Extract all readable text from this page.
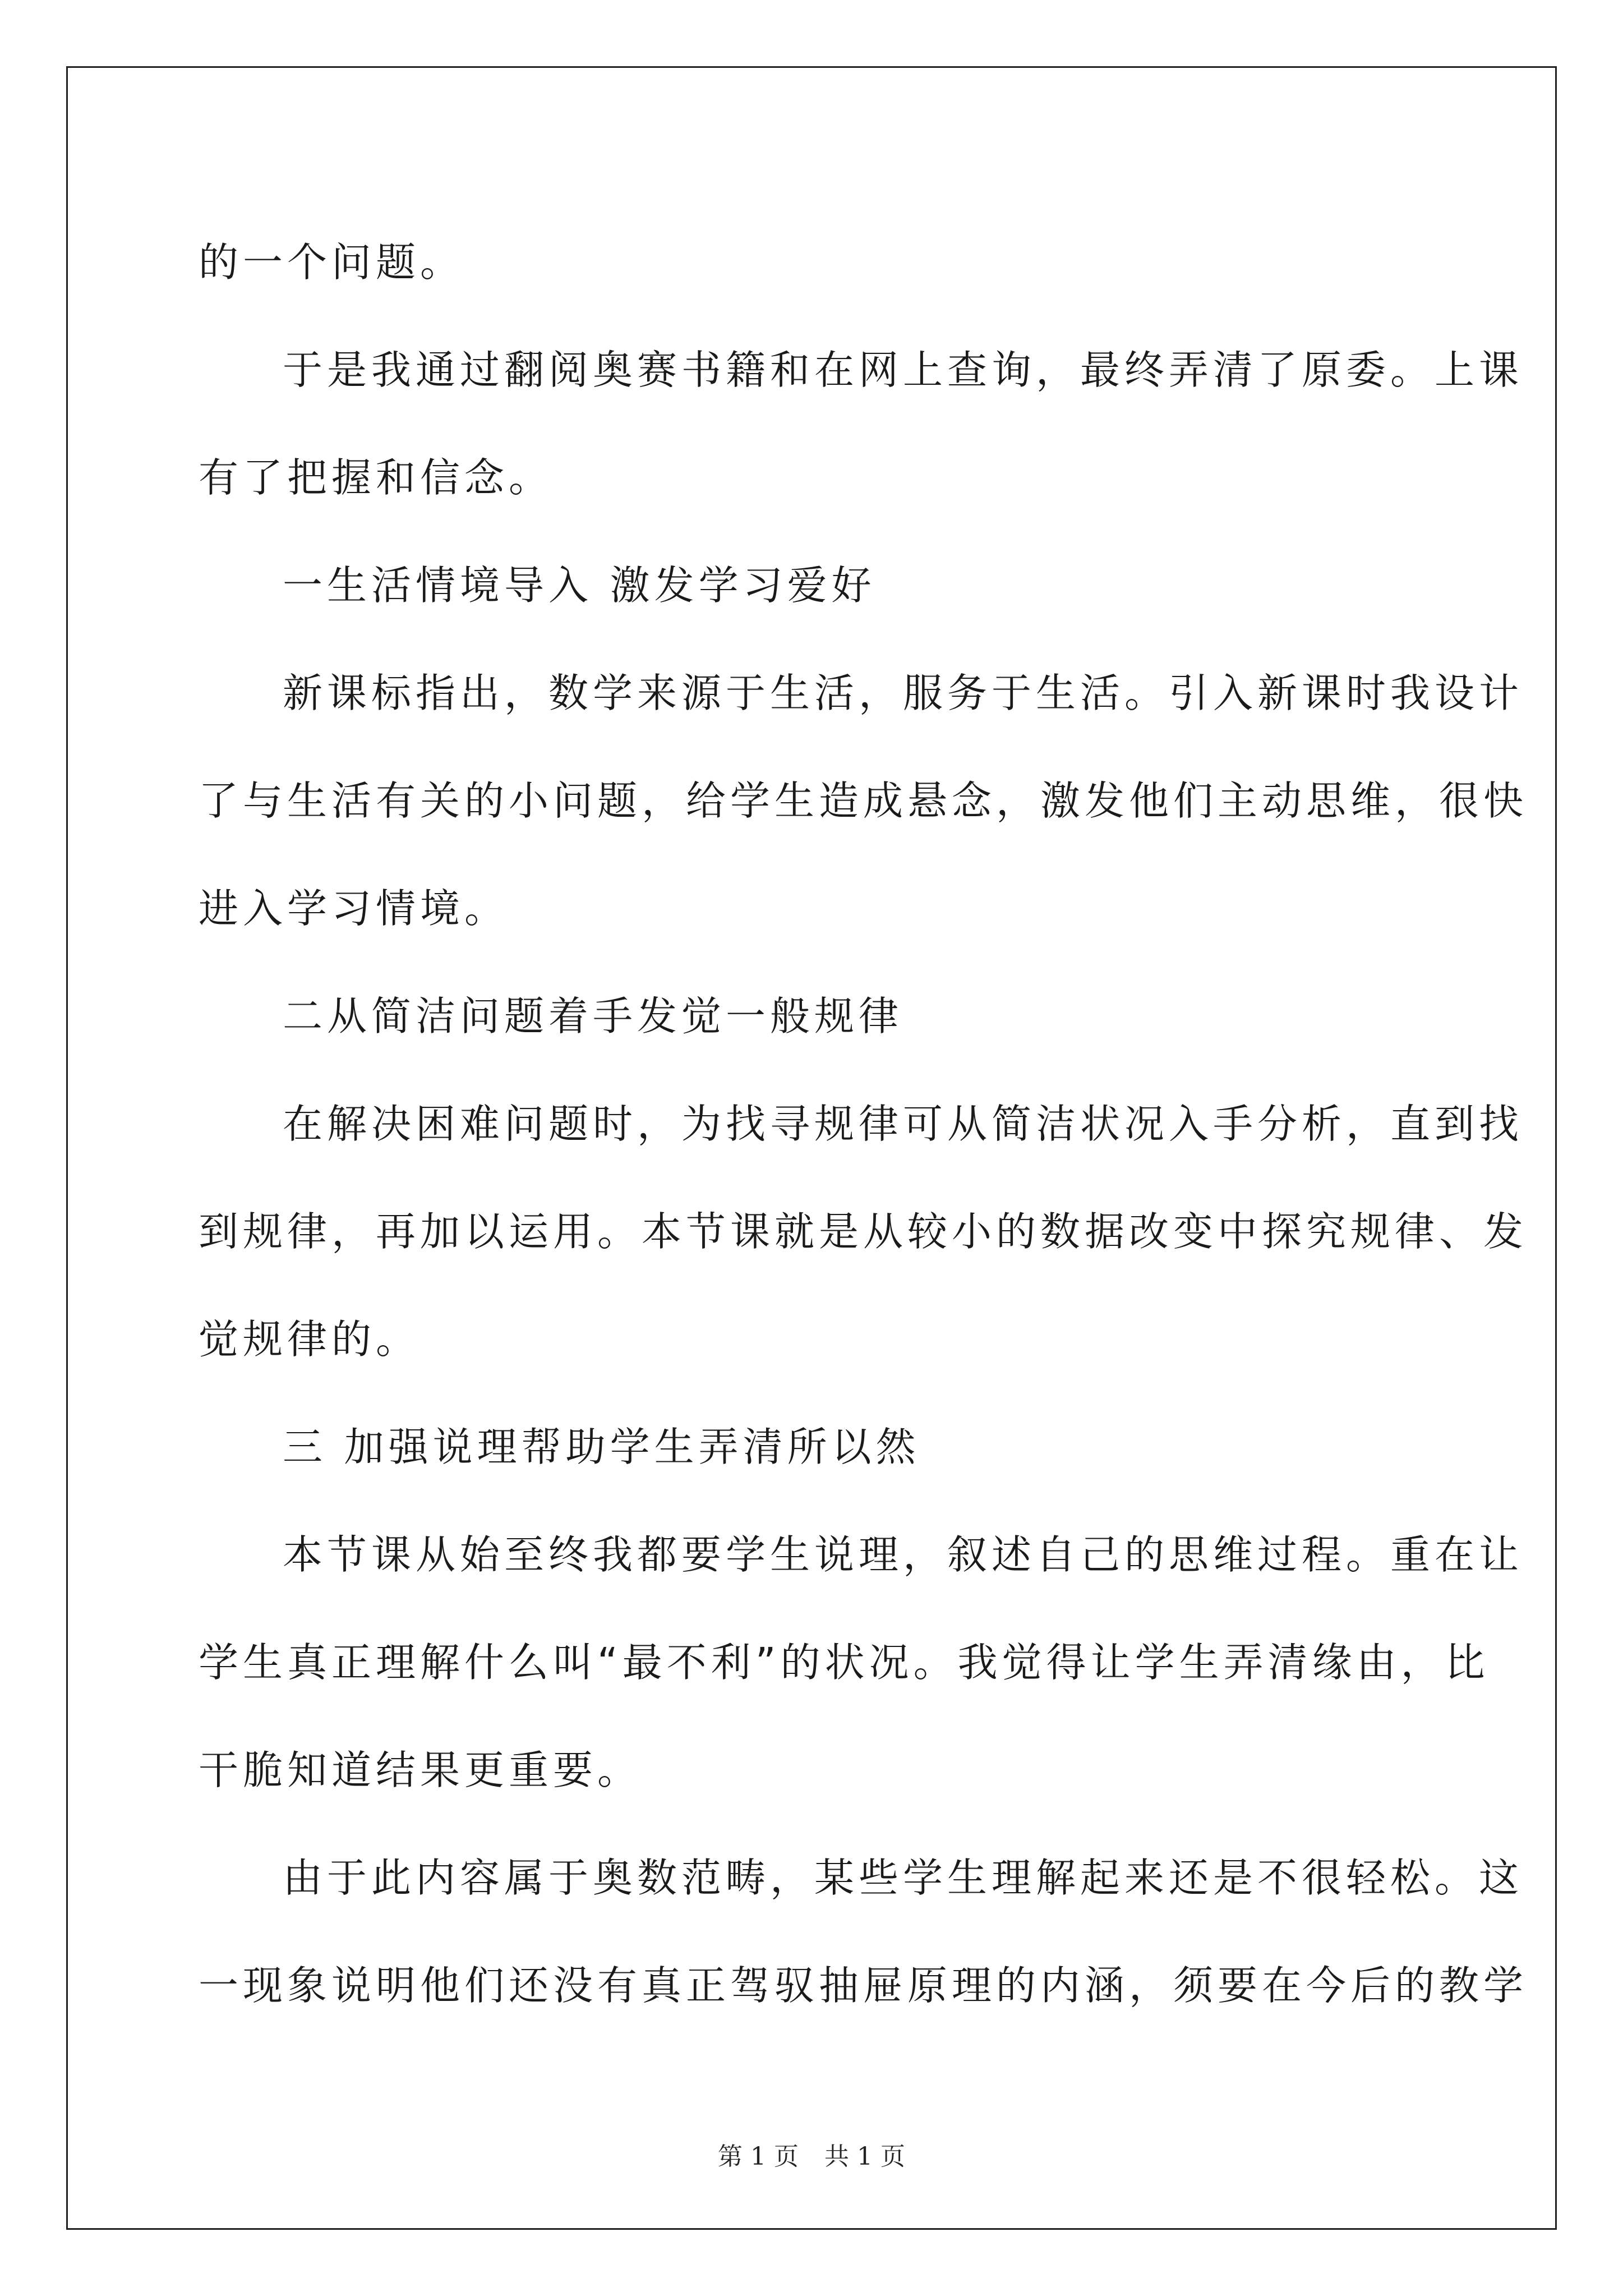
的一个问题。

于是我通过翻阅奥赛书籍和在网上查询，最终弄清了原委。上课

有了把握和信念。

一生活情境导入 激发学习爱好

新课标指出，数学来源于生活，服务于生活。引入新课时我设计

了与生活有关的小问题，给学生造成悬念，激发他们主动思维，很快

进入学习情境。

二从简洁问题着手发觉一般规律

在解决困难问题时，为找寻规律可从简洁状况入手分析，直到找

到规律，再加以运用。本节课就是从较小的数据改变中探究规律、发

觉规律的。

三 加强说理帮助学生弄清所以然

本节课从始至终我都要学生说理，叙述自己的思维过程。重在让

学生真正理解什么叫“最不利”的状况。我觉得让学生弄清缘由，比

干脆知道结果更重要。

由于此内容属于奥数范畴，某些学生理解起来还是不很轻松。这

一现象说明他们还没有真正驾驭抽屉原理的内涵，须要在今后的教学

第 1 页 共 1 页
